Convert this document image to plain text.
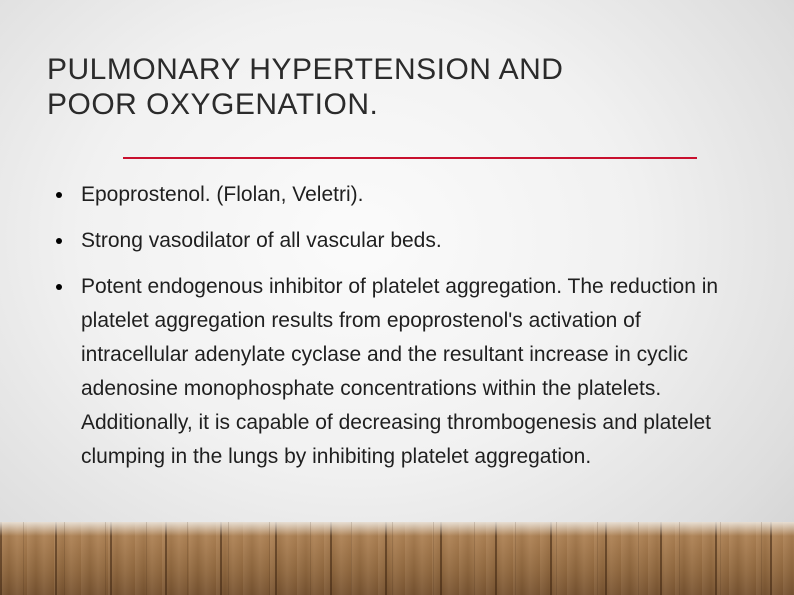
PULMONARY HYPERTENSION AND
POOR OXYGENATION.
Epoprostenol. (Flolan, Veletri).
Strong vasodilator of all vascular beds.
Potent endogenous inhibitor of platelet aggregation. The reduction in platelet aggregation results from epoprostenol's activation of intracellular adenylate cyclase and the resultant increase in cyclic adenosine monophosphate concentrations within the platelets. Additionally, it is capable of decreasing thrombogenesis and platelet clumping in the lungs by inhibiting platelet aggregation.
